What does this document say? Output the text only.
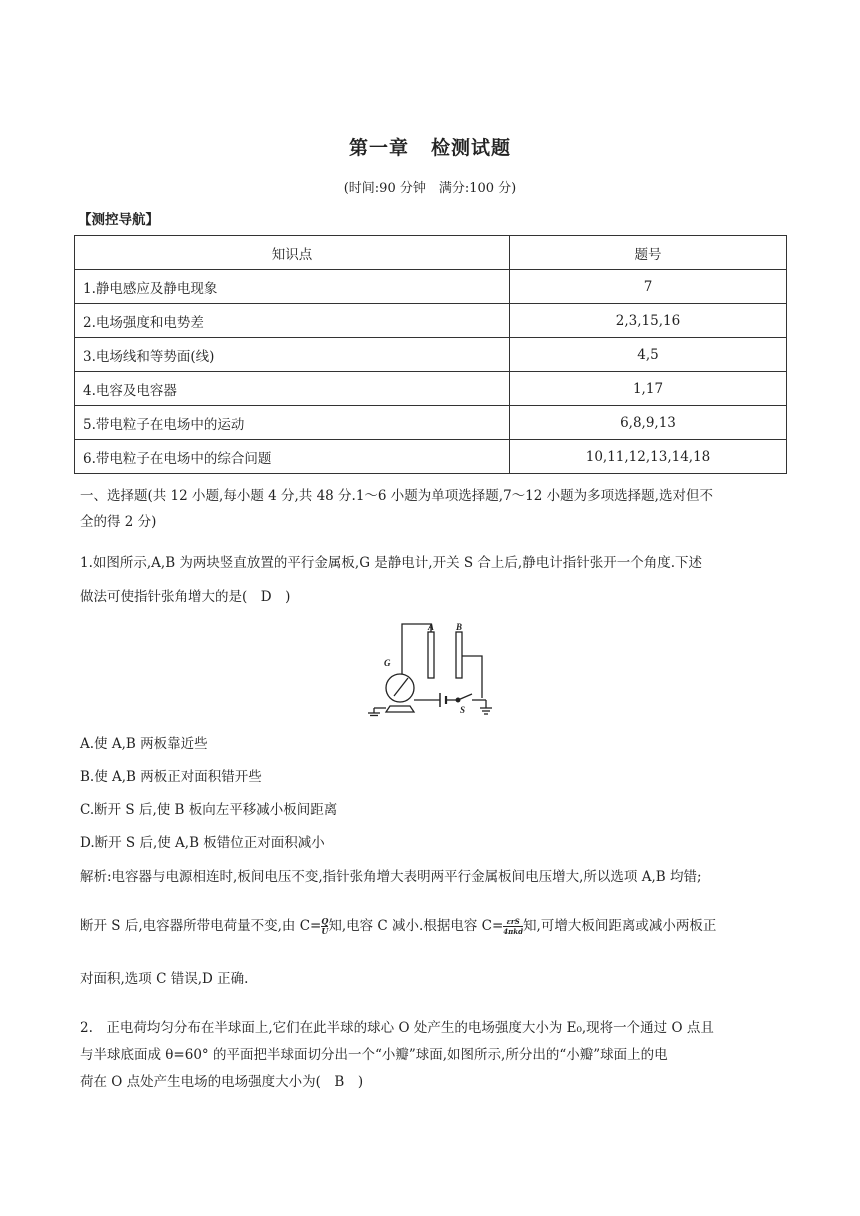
第一章 检测试题
(时间:90 分钟　满分:100 分)
【测控导航】
知识点	题号
1.静电感应及静电现象	7
2.电场强度和电势差	2,3,15,16
3.电场线和等势面(线)	4,5
4.电容及电容器	1,17
5.带电粒子在电场中的运动	6,8,9,13
6.带电粒子在电场中的综合问题	10,11,12,13,14,18
一、选择题(共 12 小题,每小题 4 分,共 48 分.1～6 小题为单项选择题,7～12 小题为多项选择题,选对但不
全的得 2 分)
1.如图所示,A,B 为两块竖直放置的平行金属板,G 是静电计,开关 S 合上后,静电计指针张开一个角度.下述
做法可使指针张角增大的是(　D　)
A B
G
S
A.使 A,B 两板靠近些
B.使 A,B 两板正对面积错开些
C.断开 S 后,使 B 板向左平移减小板间距离
D.断开 S 后,使 A,B 板错位正对面积减小
解析:电容器与电源相连时,板间电压不变,指针张角增大表明两平行金属板间电压增大,所以选项 A,B 均错;
断开 S 后,电容器所带电荷量不变,由 $C= \frac{Q}{U}$ 知,电容 C 减小.根据电容 $C= \frac{\text{εrS}}{\text{4πkd}}$ 知,可增大板间距离或减小两板正
对面积,选项 C 错误,D 正确.
2.　正电荷均匀分布在半球面上,它们在此半球的球心 O 处产生的电场强度大小为 E₀,现将一个通过 O 点且
与半球底面成 θ=60° 的平面把半球面切分出一个“小瓣”球面,如图所示,所分出的“小瓣”球面上的电
荷在 O 点处产生电场的电场强度大小为(　B　)
